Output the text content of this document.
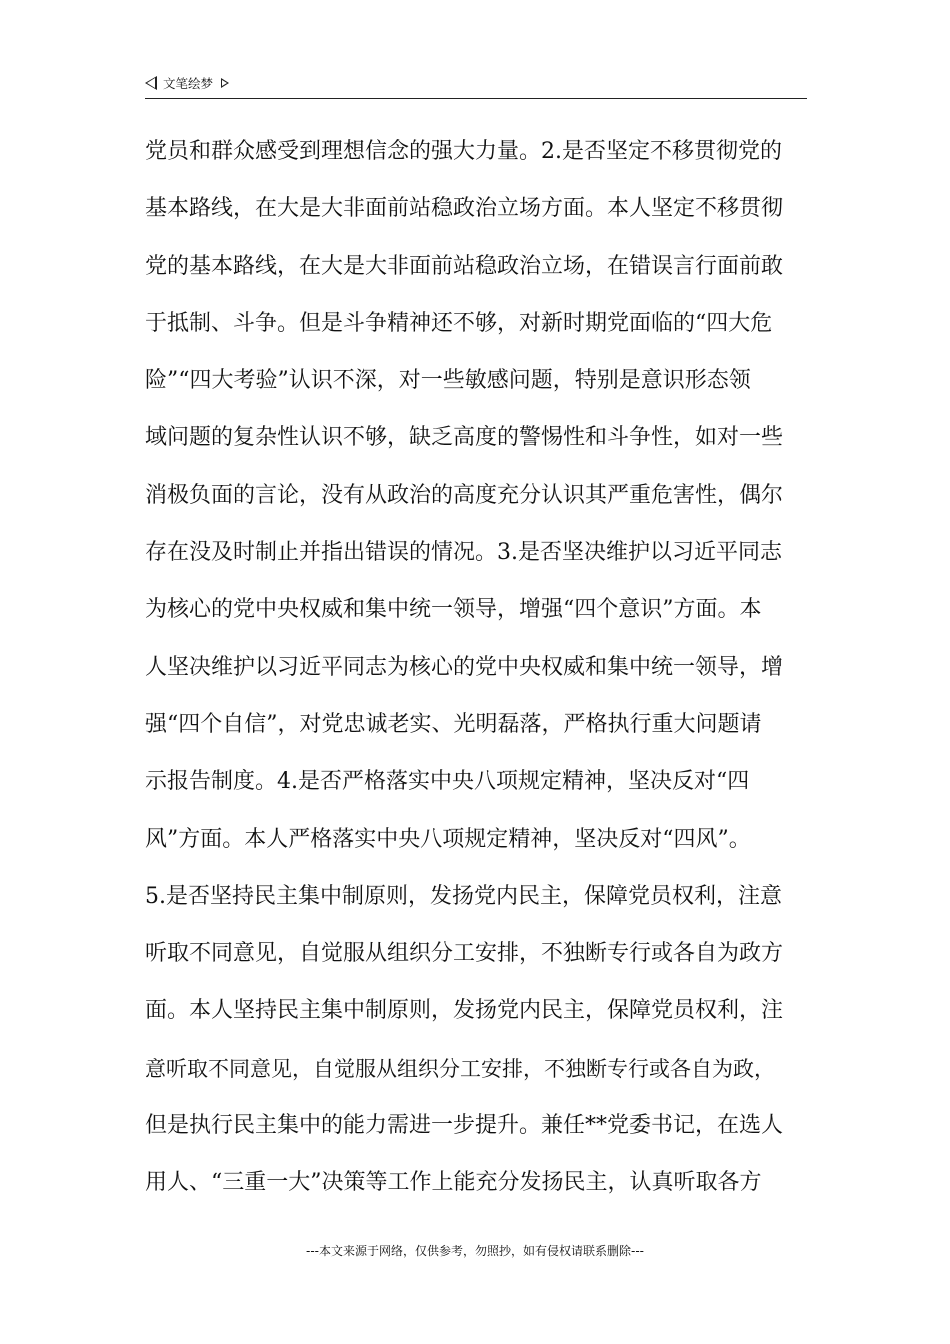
文笔绘梦
党员和群众感受到理想信念的强大力量。2.是否坚定不移贯彻党的
基本路线，在大是大非面前站稳政治立场方面。本人坚定不移贯彻
党的基本路线，在大是大非面前站稳政治立场，在错误言行面前敢
于抵制、斗争。但是斗争精神还不够，对新时期党面临的“四大危
险”“四大考验”认识不深，对一些敏感问题，特别是意识形态领
域问题的复杂性认识不够，缺乏高度的警惕性和斗争性，如对一些
消极负面的言论，没有从政治的高度充分认识其严重危害性，偶尔
存在没及时制止并指出错误的情况。3.是否坚决维护以习近平同志
为核心的党中央权威和集中统一领导，增强“四个意识”方面。本
人坚决维护以习近平同志为核心的党中央权威和集中统一领导，增
强“四个自信”，对党忠诚老实、光明磊落，严格执行重大问题请
示报告制度。4.是否严格落实中央八项规定精神，坚决反对“四
风”方面。本人严格落实中央八项规定精神，坚决反对“四风”。
5.是否坚持民主集中制原则，发扬党内民主，保障党员权利，注意
听取不同意见，自觉服从组织分工安排，不独断专行或各自为政方
面。本人坚持民主集中制原则，发扬党内民主，保障党员权利，注
意听取不同意见，自觉服从组织分工安排，不独断专行或各自为政，
但是执行民主集中的能力需进一步提升。兼任**党委书记，在选人
用人、“三重一大”决策等工作上能充分发扬民主，认真听取各方
---本文来源于网络，仅供参考，勿照抄，如有侵权请联系删除---
